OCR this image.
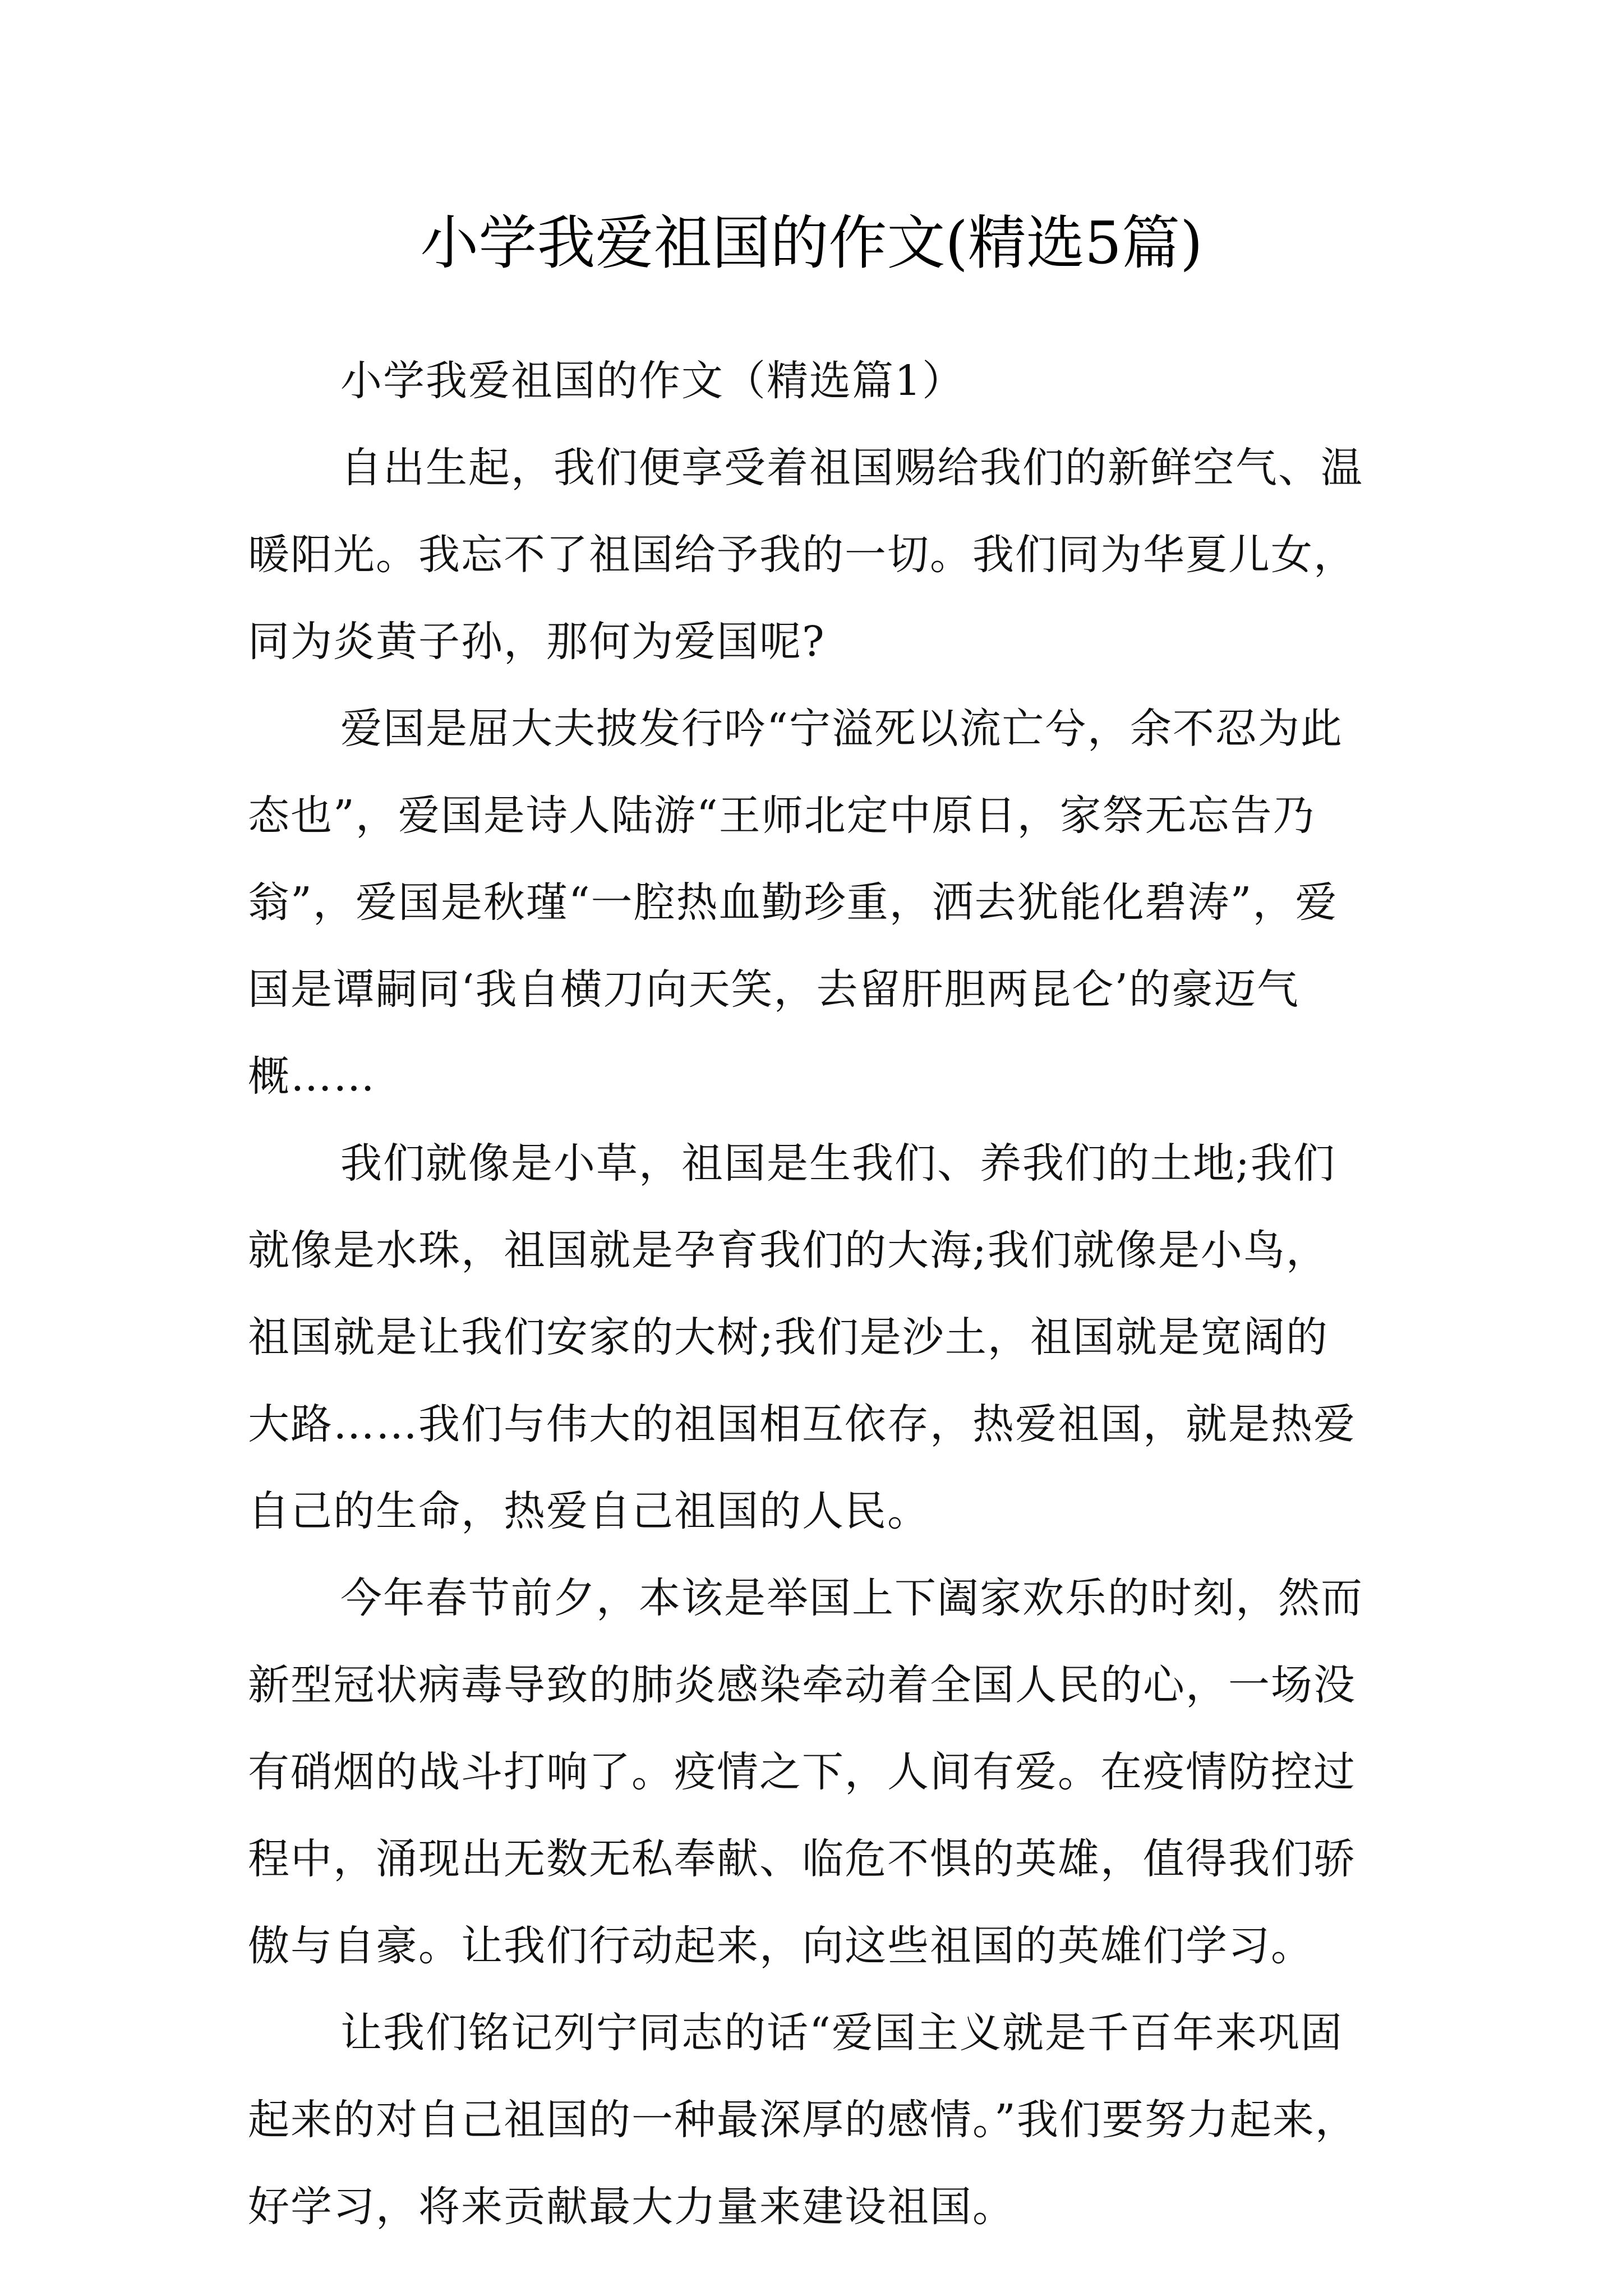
小学我爱祖国的作文(精选5篇)
小学我爱祖国的作文（精选篇1）

自出生起，我们便享受着祖国赐给我们的新鲜空气、温
暖阳光。我忘不了祖国给予我的一切。我们同为华夏儿女，
同为炎黄子孙，那何为爱国呢?

爱国是屈大夫披发行吟“宁溢死以流亡兮，余不忍为此
态也”，爱国是诗人陆游“王师北定中原日，家祭无忘告乃
翁”，爱国是秋瑾“一腔热血勤珍重，洒去犹能化碧涛”，爱
国是谭嗣同‘我自横刀向天笑，去留肝胆两昆仑’的豪迈气
概……

我们就像是小草，祖国是生我们、养我们的土地;我们
就像是水珠，祖国就是孕育我们的大海;我们就像是小鸟，
祖国就是让我们安家的大树;我们是沙土，祖国就是宽阔的
大路……我们与伟大的祖国相互依存，热爱祖国，就是热爱
自己的生命，热爱自己祖国的人民。

今年春节前夕，本该是举国上下阖家欢乐的时刻，然而
新型冠状病毒导致的肺炎感染牵动着全国人民的心，一场没
有硝烟的战斗打响了。疫情之下，人间有爱。在疫情防控过
程中，涌现出无数无私奉献、临危不惧的英雄，值得我们骄
傲与自豪。让我们行动起来，向这些祖国的英雄们学习。

让我们铭记列宁同志的话“爱国主义就是千百年来巩固
起来的对自己祖国的一种最深厚的感情。”我们要努力起来，
好学习，将来贡献最大力量来建设祖国。
